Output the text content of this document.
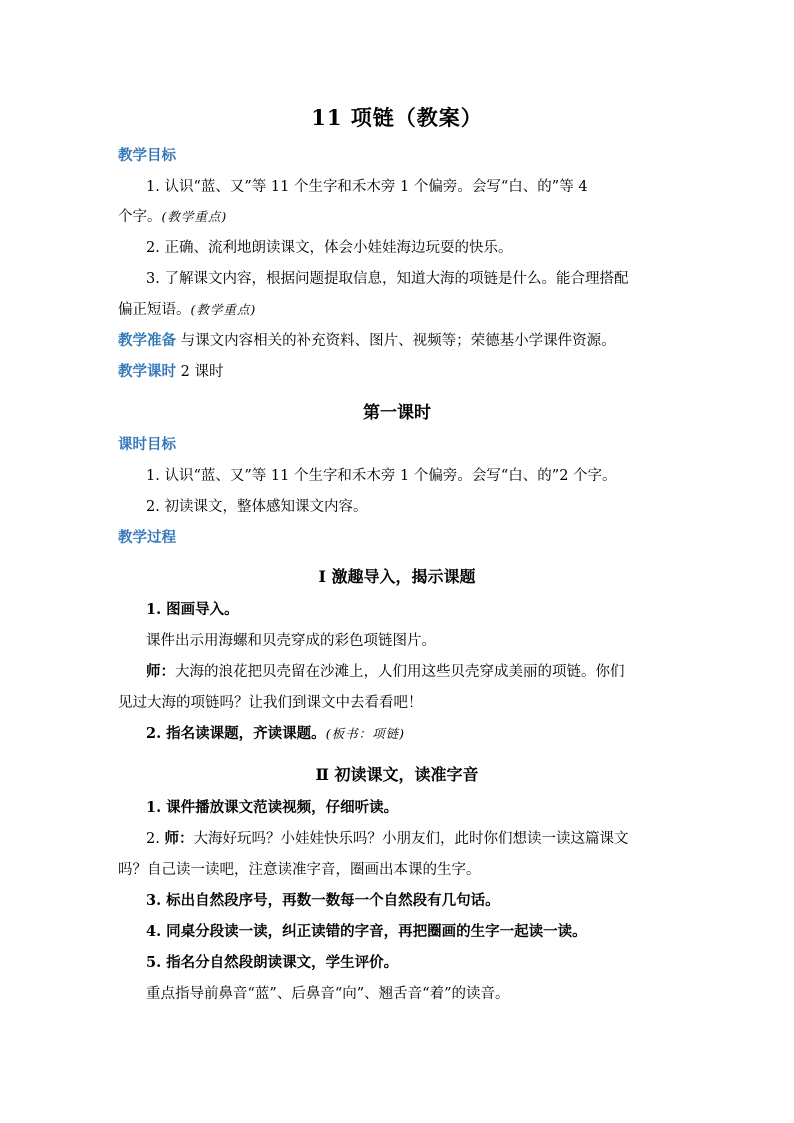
11 项链（教案）
教学目标
1. 认识“蓝、又”等 11 个生字和禾木旁 1 个偏旁。会写“白、的”等 4
个字。(教学重点)
2. 正确、流利地朗读课文，体会小娃娃海边玩耍的快乐。
3. 了解课文内容，根据问题提取信息，知道大海的项链是什么。能合理搭配
偏正短语。(教学重点)
教学准备 与课文内容相关的补充资料、图片、视频等；荣德基小学课件资源。
教学课时 2 课时
第一课时
课时目标
1. 认识“蓝、又”等 11 个生字和禾木旁 1 个偏旁。会写“白、的”2 个字。
2. 初读课文，整体感知课文内容。
教学过程
Ⅰ 激趣导入，揭示课题
1. 图画导入。
课件出示用海螺和贝壳穿成的彩色项链图片。
师：大海的浪花把贝壳留在沙滩上，人们用这些贝壳穿成美丽的项链。你们
见过大海的项链吗？让我们到课文中去看看吧！
2. 指名读课题，齐读课题。(板书：项链)
Ⅱ 初读课文，读准字音
1. 课件播放课文范读视频，仔细听读。
2. 师：大海好玩吗？小娃娃快乐吗？小朋友们，此时你们想读一读这篇课文
吗？自己读一读吧，注意读准字音，圈画出本课的生字。
3. 标出自然段序号，再数一数每一个自然段有几句话。
4. 同桌分段读一读，纠正读错的字音，再把圈画的生字一起读一读。
5. 指名分自然段朗读课文，学生评价。
重点指导前鼻音“蓝”、后鼻音“向”、翘舌音“着”的读音。
